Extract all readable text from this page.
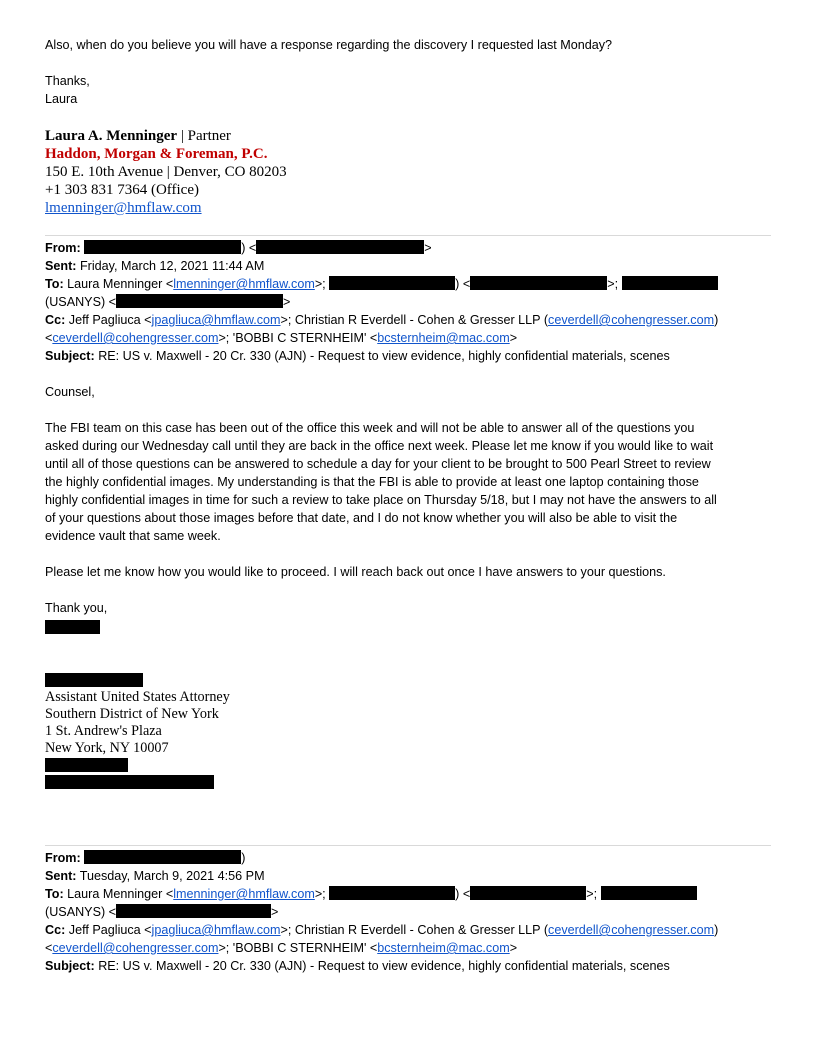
Also, when do you believe you will have a response regarding the discovery I requested last Monday?
Thanks,
Laura
Laura A. Menninger | Partner
Haddon, Morgan & Foreman, P.C.
150 E. 10th Avenue | Denver, CO 80203
+1 303 831 7364 (Office)
lmenninger@hmflaw.com
From:	) <	>
Sent: Friday, March 12, 2021 11:44 AM
To: Laura Menninger <lmenninger@hmflaw.com>;	) <	>;
(USANYS) <	>
Cc: Jeff Pagliuca <jpagliuca@hmflaw.com>; Christian R Everdell - Cohen & Gresser LLP (ceverdell@cohengresser.com)
<ceverdell@cohengresser.com>; 'BOBBI C STERNHEIM' <bcsternheim@mac.com>
Subject: RE: US v. Maxwell - 20 Cr. 330 (AJN) - Request to view evidence, highly confidential materials, scenes
Counsel,
The FBI team on this case has been out of the office this week and will not be able to answer all of the questions you
asked during our Wednesday call until they are back in the office next week. Please let me know if you would like to wait
until all of those questions can be answered to schedule a day for your client to be brought to 500 Pearl Street to review
the highly confidential images. My understanding is that the FBI is able to provide at least one laptop containing those
highly confidential images in time for such a review to take place on Thursday 5/18, but I may not have the answers to all
of your questions about those images before that date, and I do not know whether you will also be able to visit the
evidence vault that same week.
Please let me know how you would like to proceed. I will reach back out once I have answers to your questions.
Thank you,
Assistant United States Attorney
Southern District of New York
1 St. Andrew's Plaza
New York, NY 10007
From:	)
Sent: Tuesday, March 9, 2021 4:56 PM
To: Laura Menninger <lmenninger@hmflaw.com>;	) <	>;
(USANYS) <	>
Cc: Jeff Pagliuca <jpagliuca@hmflaw.com>; Christian R Everdell - Cohen & Gresser LLP (ceverdell@cohengresser.com)
<ceverdell@cohengresser.com>; 'BOBBI C STERNHEIM' <bcsternheim@mac.com>
Subject: RE: US v. Maxwell - 20 Cr. 330 (AJN) - Request to view evidence, highly confidential materials, scenes
